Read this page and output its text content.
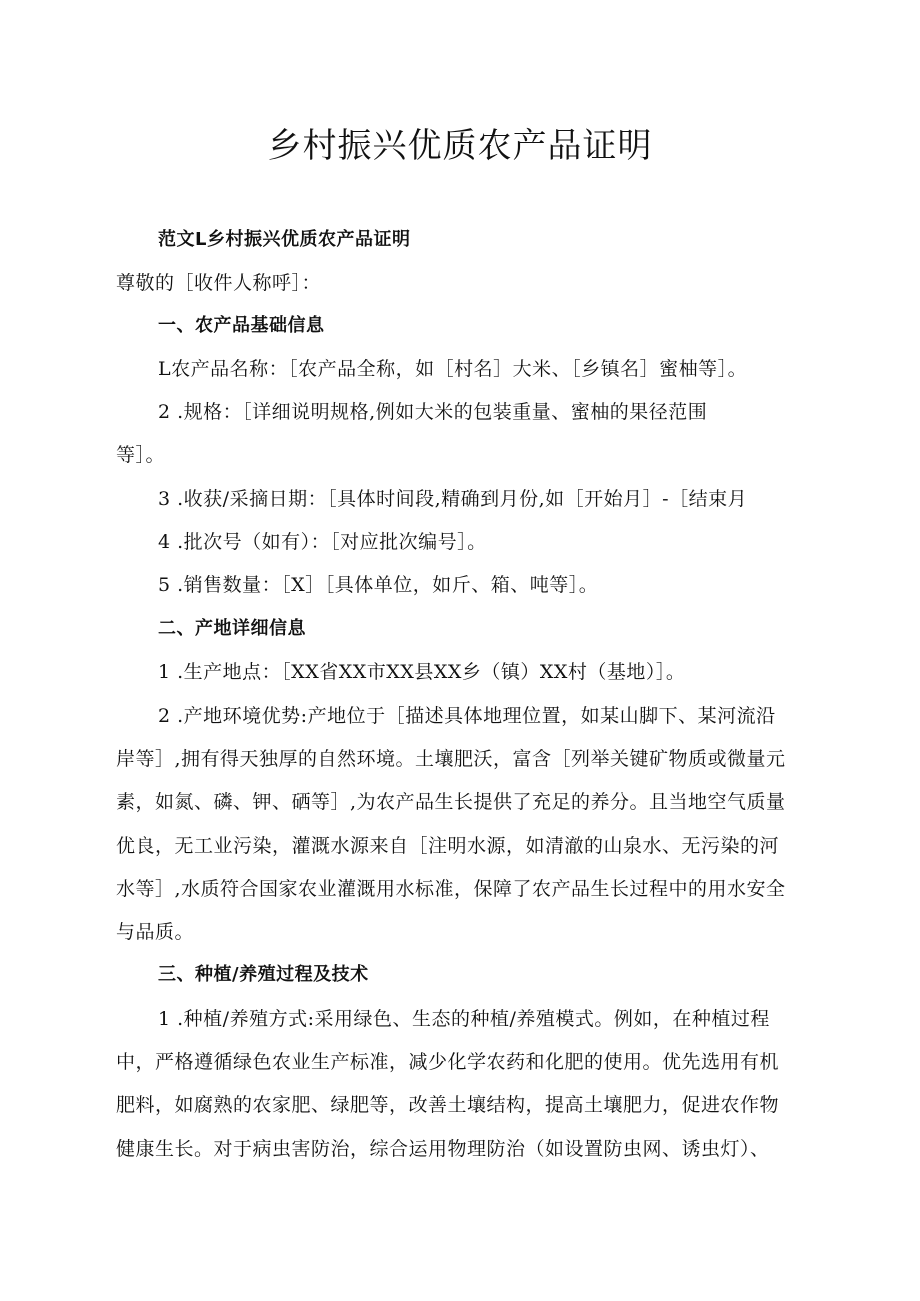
乡村振兴优质农产品证明
范文L乡村振兴优质农产品证明
尊敬的［收件人称呼］：
一、农产品基础信息
L农产品名称：［农产品全称，如［村名］大米、［乡镇名］蜜柚等］。
2 .规格：［详细说明规格,例如大米的包装重量、蜜柚的果径范围
等］。
3 .收获/采摘日期：［具体时间段,精确到月份,如［开始月］-［结束月
4 .批次号（如有）：［对应批次编号］。
5 .销售数量：［X］［具体单位，如斤、箱、吨等］。
二、产地详细信息
1 .生产地点：［XX省XX市XX县XX乡（镇）XX村（基地）］。
2 .产地环境优势:产地位于［描述具体地理位置，如某山脚下、某河流沿
岸等］,拥有得天独厚的自然环境。土壤肥沃，富含［列举关键矿物质或微量元
素，如氮、磷、钾、硒等］,为农产品生长提供了充足的养分。且当地空气质量
优良，无工业污染，灌溉水源来自［注明水源，如清澈的山泉水、无污染的河
水等］,水质符合国家农业灌溉用水标准，保障了农产品生长过程中的用水安全
与品质。
三、种植/养殖过程及技术
1 .种植/养殖方式:采用绿色、生态的种植/养殖模式。例如，在种植过程
中，严格遵循绿色农业生产标准，减少化学农药和化肥的使用。优先选用有机
肥料，如腐熟的农家肥、绿肥等，改善土壤结构，提高土壤肥力，促进农作物
健康生长。对于病虫害防治，综合运用物理防治（如设置防虫网、诱虫灯）、
